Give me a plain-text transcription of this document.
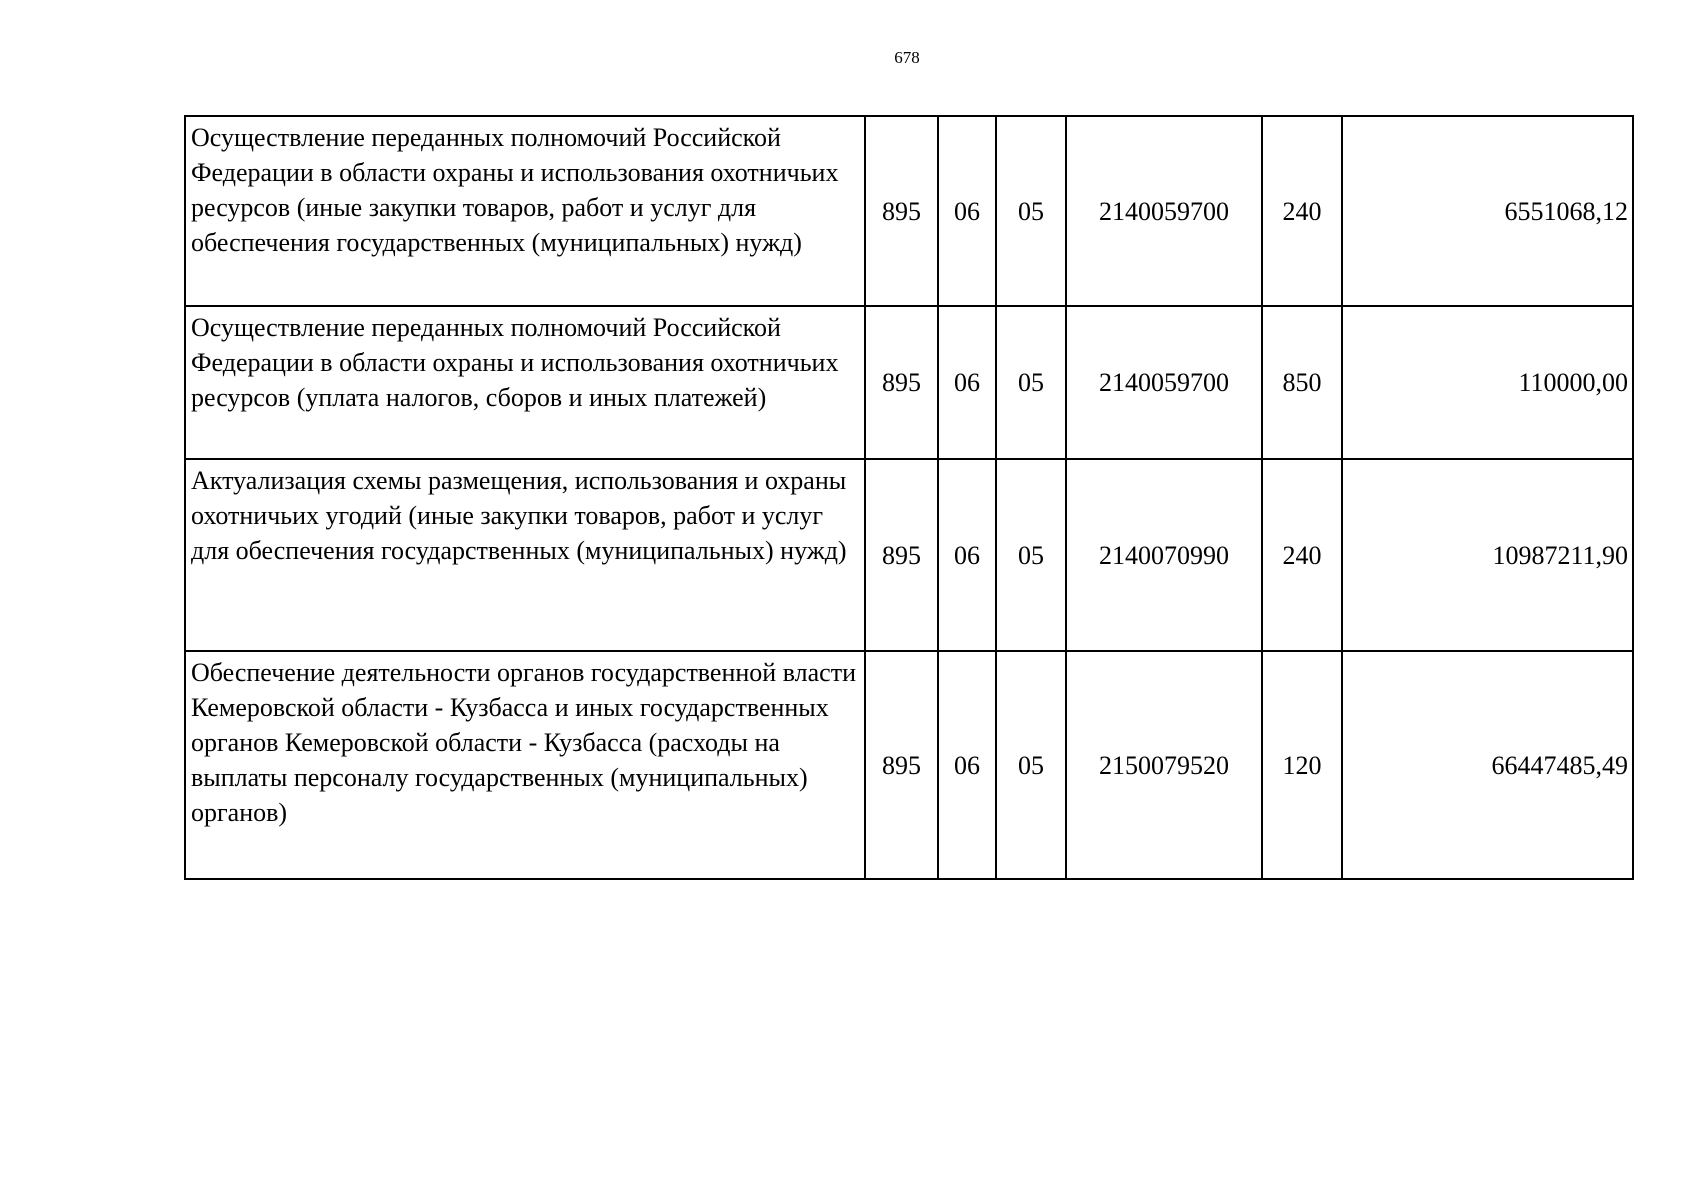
678
Осуществление переданных полномочий Российской Федерации в области охраны и использования охотничьих ресурсов (иные закупки товаров, работ и услуг для обеспечения государственных (муниципальных) нужд)	895	06	05	2140059700	240	6551068,12
Осуществление переданных полномочий Российской Федерации в области охраны и использования охотничьих ресурсов (уплата налогов, сборов и иных платежей)	895	06	05	2140059700	850	110000,00
Актуализация схемы размещения, использования и охраны охотничьих угодий (иные закупки товаров, работ и услуг для обеспечения государственных (муниципальных) нужд)	895	06	05	2140070990	240	10987211,90
Обеспечение деятельности органов государственной власти Кемеровской области - Кузбасса и иных государственных органов Кемеровской области - Кузбасса (расходы на выплаты персоналу государственных (муниципальных) органов)	895	06	05	2150079520	120	66447485,49
